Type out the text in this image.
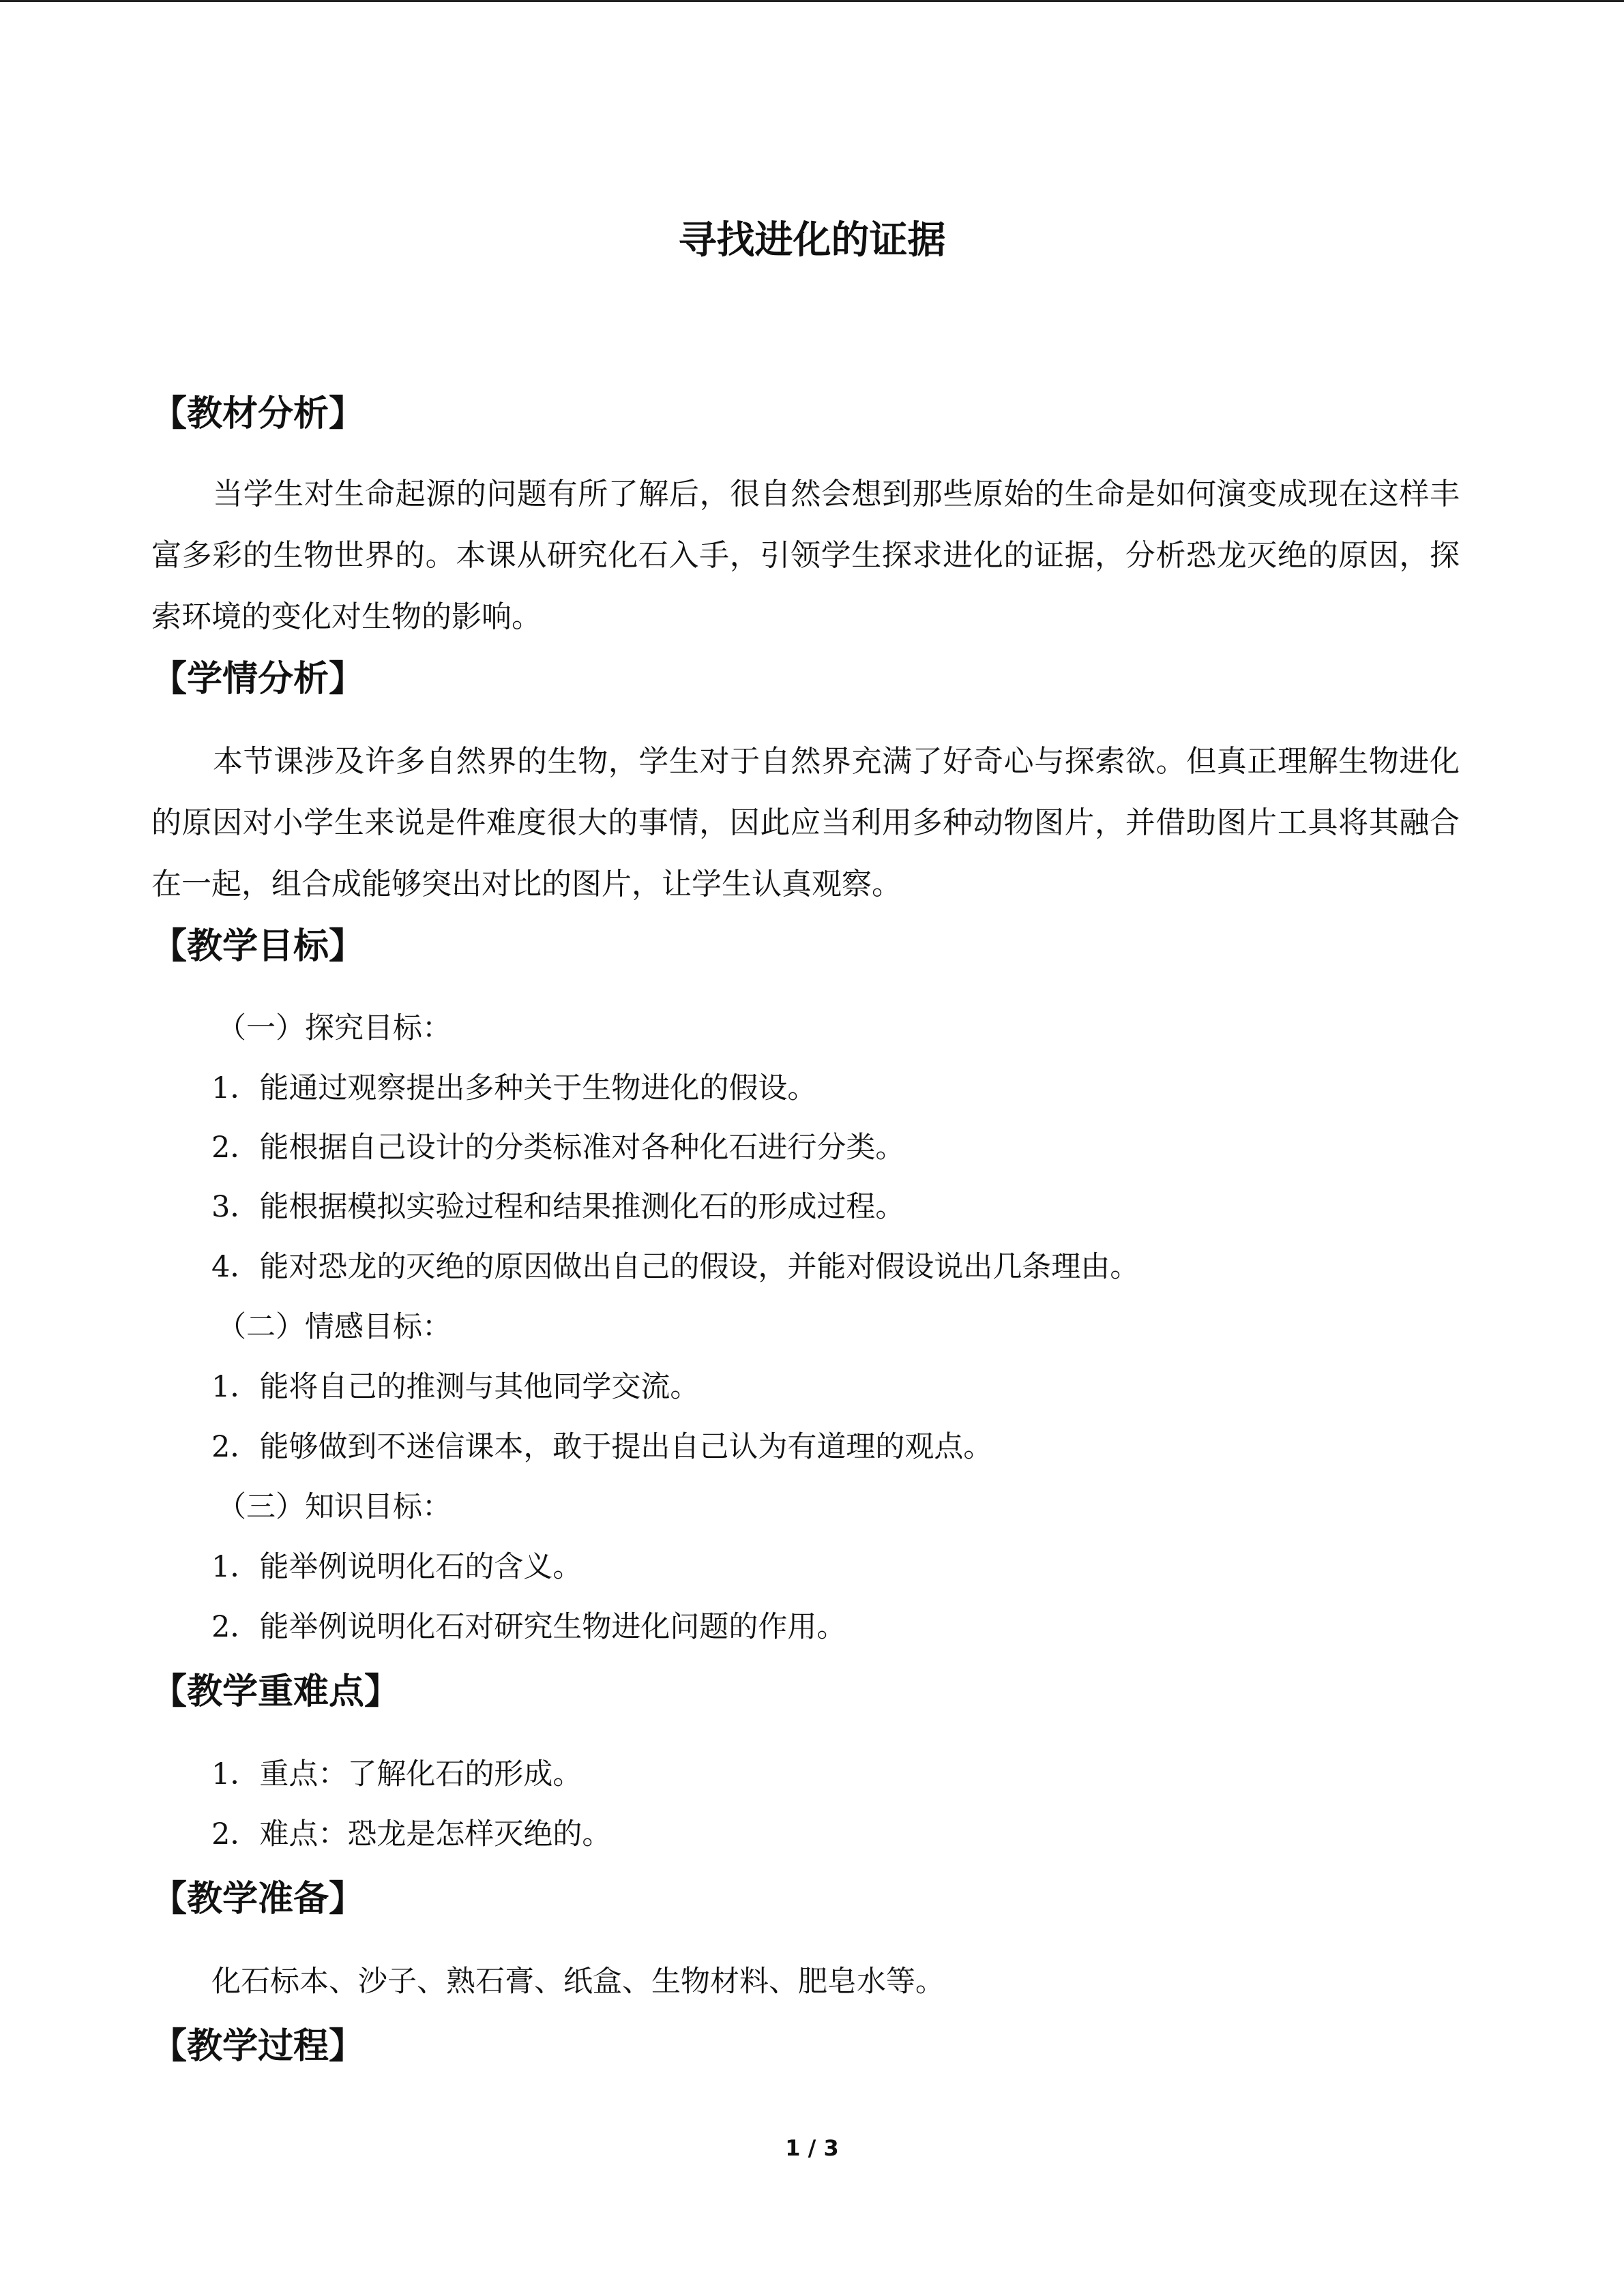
寻找进化的证据
【教材分析】
当学生对生命起源的问题有所了解后，很自然会想到那些原始的生命是如何演变成现在这样丰富多彩的生物世界的。本课从研究化石入手，引领学生探求进化的证据，分析恐龙灭绝的原因，探索环境的变化对生物的影响。
【学情分析】
本节课涉及许多自然界的生物，学生对于自然界充满了好奇心与探索欲。但真正理解生物进化的原因对小学生来说是件难度很大的事情，因此应当利用多种动物图片，并借助图片工具将其融合在一起，组合成能够突出对比的图片，让学生认真观察。
【教学目标】
（一）探究目标：
1．能通过观察提出多种关于生物进化的假设。
2．能根据自己设计的分类标准对各种化石进行分类。
3．能根据模拟实验过程和结果推测化石的形成过程。
4．能对恐龙的灭绝的原因做出自己的假设，并能对假设说出几条理由。
（二）情感目标：
1．能将自己的推测与其他同学交流。
2．能够做到不迷信课本，敢于提出自己认为有道理的观点。
（三）知识目标：
1．能举例说明化石的含义。
2．能举例说明化石对研究生物进化问题的作用。
【教学重难点】
1．重点：了解化石的形成。
2．难点：恐龙是怎样灭绝的。
【教学准备】
化石标本、沙子、熟石膏、纸盒、生物材料、肥皂水等。
【教学过程】
1 / 3
